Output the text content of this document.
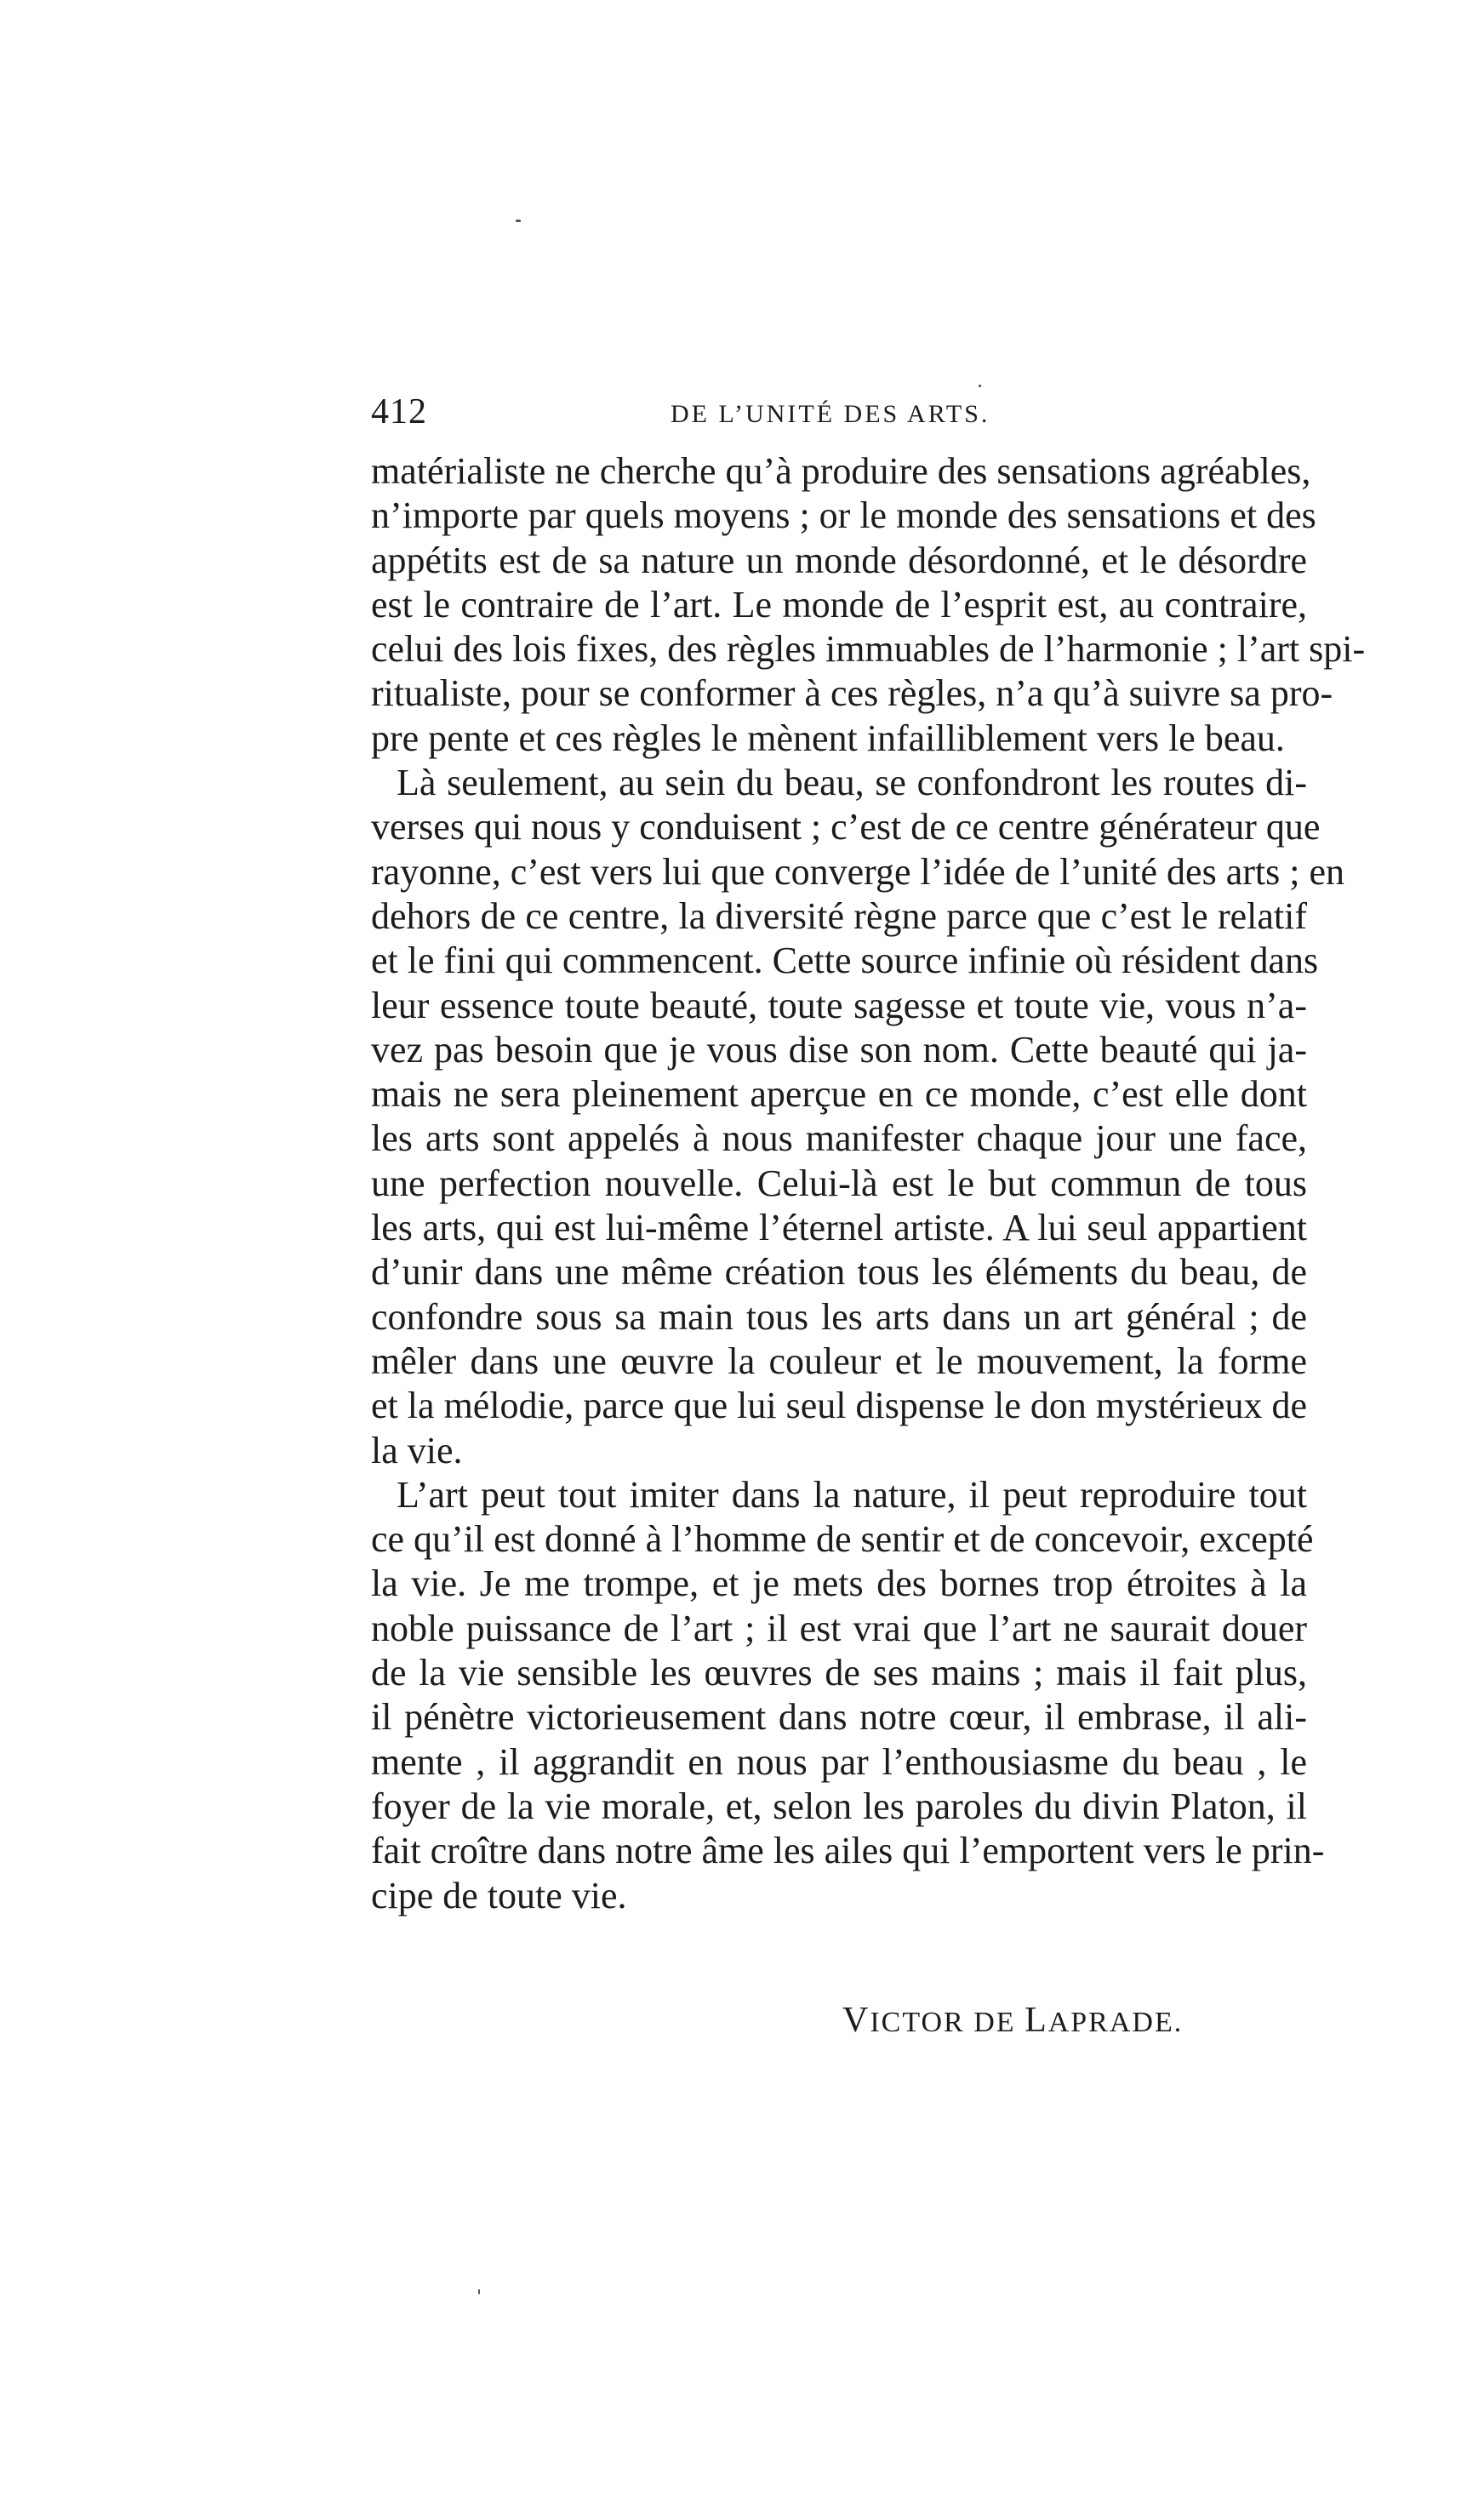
412	DE L’UNITÉ DES ARTS.
matérialiste ne cherche qu’à produire des sensations agréables,
n’importe par quels moyens ; or le monde des sensations et des
appétits est de sa nature un monde désordonné, et le désordre
est le contraire de l’art. Le monde de l’esprit est, au contraire,
celui des lois fixes, des règles immuables de l’harmonie ; l’art spi-
ritualiste, pour se conformer à ces règles, n’a qu’à suivre sa pro-
pre pente et ces règles le mènent infailliblement vers le beau.
Là seulement, au sein du beau, se confondront les routes di-
verses qui nous y conduisent ; c’est de ce centre générateur que
rayonne, c’est vers lui que converge l’idée de l’unité des arts ; en
dehors de ce centre, la diversité règne parce que c’est le relatif
et le fini qui commencent. Cette source infinie où résident dans
leur essence toute beauté, toute sagesse et toute vie, vous n’a-
vez pas besoin que je vous dise son nom. Cette beauté qui ja-
mais ne sera pleinement aperçue en ce monde, c’est elle dont
les arts sont appelés à nous manifester chaque jour une face,
une perfection nouvelle. Celui-là est le but commun de tous
les arts, qui est lui-même l’éternel artiste. A lui seul appartient
d’unir dans une même création tous les éléments du beau, de
confondre sous sa main tous les arts dans un art général ; de
mêler dans une œuvre la couleur et le mouvement, la forme
et la mélodie, parce que lui seul dispense le don mystérieux de
la vie.
L’art peut tout imiter dans la nature, il peut reproduire tout
ce qu’il est donné à l’homme de sentir et de concevoir, excepté
la vie. Je me trompe, et je mets des bornes trop étroites à la
noble puissance de l’art ; il est vrai que l’art ne saurait douer
de la vie sensible les œuvres de ses mains ; mais il fait plus,
il pénètre victorieusement dans notre cœur, il embrase, il ali-
mente , il aggrandit en nous par l’enthousiasme du beau , le
foyer de la vie morale, et, selon les paroles du divin Platon, il
fait croître dans notre âme les ailes qui l’emportent vers le prin-
cipe de toute vie.
VICTOR DE LAPRADE.
